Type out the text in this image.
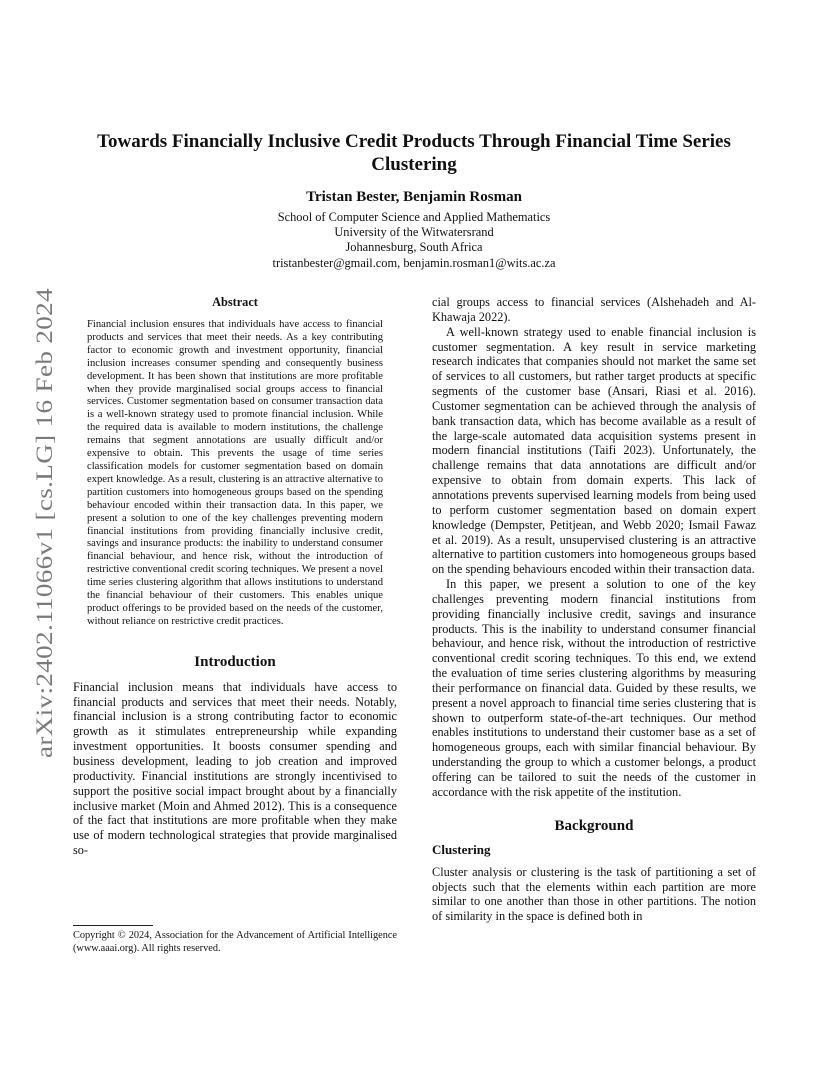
arXiv:2402.11066v1 [cs.LG] 16 Feb 2024
Towards Financially Inclusive Credit Products Through Financial Time Series Clustering
Tristan Bester, Benjamin Rosman
School of Computer Science and Applied Mathematics
University of the Witwatersrand
Johannesburg, South Africa
tristanbester@gmail.com, benjamin.rosman1@wits.ac.za
Abstract

Financial inclusion ensures that individuals have access to financial products and services that meet their needs. As a key contributing factor to economic growth and investment opportunity, financial inclusion increases consumer spending and consequently business development. It has been shown that institutions are more profitable when they provide marginalised social groups access to financial services. Customer segmentation based on consumer transaction data is a well-known strategy used to promote financial inclusion. While the required data is available to modern institutions, the challenge remains that segment annotations are usually difficult and/or expensive to obtain. This prevents the usage of time series classification models for customer segmentation based on domain expert knowledge. As a result, clustering is an attractive alternative to partition customers into homogeneous groups based on the spending behaviour encoded within their transaction data. In this paper, we present a solution to one of the key challenges preventing modern financial institutions from providing financially inclusive credit, savings and insurance products: the inability to understand consumer financial behaviour, and hence risk, without the introduction of restrictive conventional credit scoring techniques. We present a novel time series clustering algorithm that allows institutions to understand the financial behaviour of their customers. This enables unique product offerings to be provided based on the needs of the customer, without reliance on restrictive credit practices.

Introduction

Financial inclusion means that individuals have access to financial products and services that meet their needs. Notably, financial inclusion is a strong contributing factor to economic growth as it stimulates entrepreneurship while expanding investment opportunities. It boosts consumer spending and business development, leading to job creation and improved productivity. Financial institutions are strongly incentivised to support the positive social impact brought about by a financially inclusive market (Moin and Ahmed 2012). This is a consequence of the fact that institutions are more profitable when they make use of modern technological strategies that provide marginalised so-

cial groups access to financial services (Alshehadeh and Al-Khawaja 2022).

A well-known strategy used to enable financial inclusion is customer segmentation. A key result in service marketing research indicates that companies should not market the same set of services to all customers, but rather target products at specific segments of the customer base (Ansari, Riasi et al. 2016). Customer segmentation can be achieved through the analysis of bank transaction data, which has become available as a result of the large-scale automated data acquisition systems present in modern financial institutions (Taifi 2023). Unfortunately, the challenge remains that data annotations are difficult and/or expensive to obtain from domain experts. This lack of annotations prevents supervised learning models from being used to perform customer segmentation based on domain expert knowledge (Dempster, Petitjean, and Webb 2020; Ismail Fawaz et al. 2019). As a result, unsupervised clustering is an attractive alternative to partition customers into homogeneous groups based on the spending behaviours encoded within their transaction data.

In this paper, we present a solution to one of the key challenges preventing modern financial institutions from providing financially inclusive credit, savings and insurance products. This is the inability to understand consumer financial behaviour, and hence risk, without the introduction of restrictive conventional credit scoring techniques. To this end, we extend the evaluation of time series clustering algorithms by measuring their performance on financial data. Guided by these results, we present a novel approach to financial time series clustering that is shown to outperform state-of-the-art techniques. Our method enables institutions to understand their customer base as a set of homogeneous groups, each with similar financial behaviour. By understanding the group to which a customer belongs, a product offering can be tailored to suit the needs of the customer in accordance with the risk appetite of the institution.

Background
Clustering

Cluster analysis or clustering is the task of partitioning a set of objects such that the elements within each partition are more similar to one another than those in other partitions. The notion of similarity in the space is defined both in

Copyright © 2024, Association for the Advancement of Artificial Intelligence (www.aaai.org). All rights reserved.
